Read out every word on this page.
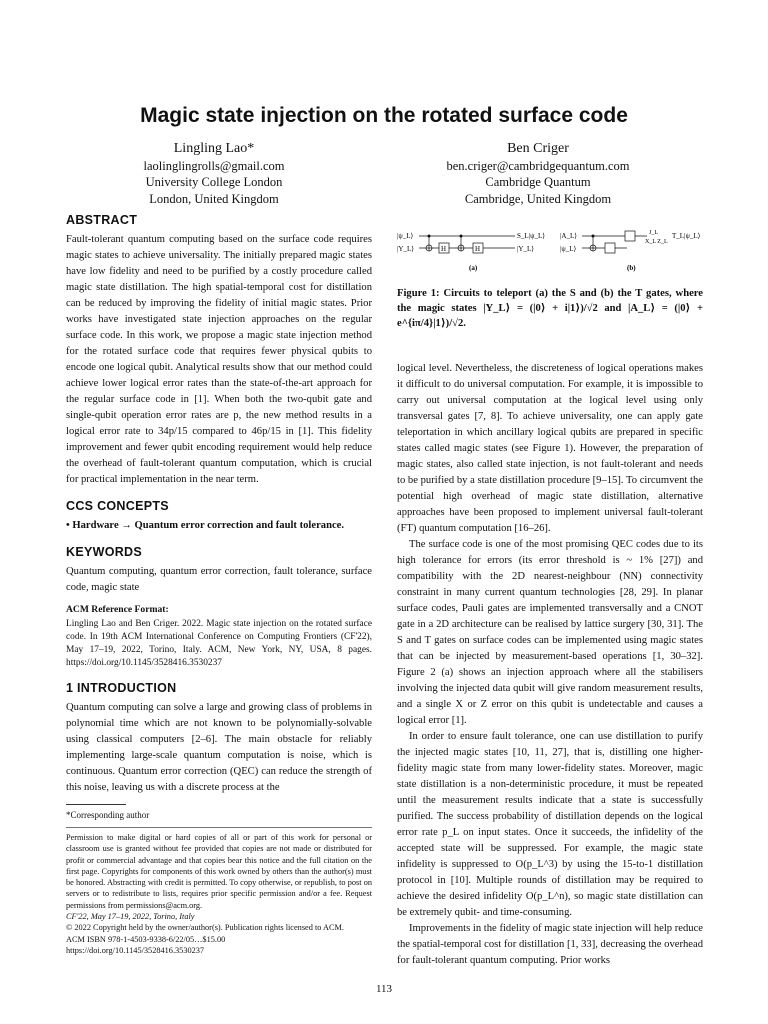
Magic state injection on the rotated surface code
Lingling Lao*
laolinglingrolls@gmail.com
University College London
London, United Kingdom
Ben Criger
ben.criger@cambridgequantum.com
Cambridge Quantum
Cambridge, United Kingdom
ABSTRACT

Fault-tolerant quantum computing based on the surface code requires magic states to achieve universality. The initially prepared magic states have low fidelity and need to be purified by a costly procedure called magic state distillation. The high spatial-temporal cost for distillation can be reduced by improving the fidelity of initial magic states. Prior works have investigated state injection approaches on the regular surface code. In this work, we propose a magic state injection method for the rotated surface code that requires fewer physical qubits to encode one logical qubit. Analytical results show that our method could achieve lower logical error rates than the state-of-the-art approach for the regular surface code in [1]. When both the two-qubit gate and single-qubit operation error rates are p, the new method results in a logical error rate to 34p/15 compared to 46p/15 in [1]. This fidelity improvement and fewer qubit encoding requirement would help reduce the overhead of fault-tolerant quantum computation, which is crucial for practical implementation in the near term.

CCS CONCEPTS

• Hardware → Quantum error correction and fault tolerance.

KEYWORDS

Quantum computing, quantum error correction, fault tolerance, surface code, magic state

ACM Reference Format:

Lingling Lao and Ben Criger. 2022. Magic state injection on the rotated surface code. In 19th ACM International Conference on Computing Frontiers (CF'22), May 17–19, 2022, Torino, Italy. ACM, New York, NY, USA, 8 pages. https://doi.org/10.1145/3528416.3530237

1 INTRODUCTION

Quantum computing can solve a large and growing class of problems in polynomial time which are not known to be polynomially-solvable using classical computers [2–6]. The main obstacle for reliably implementing large-scale quantum computation is noise, which is continuous. Quantum error correction (QEC) can reduce the strength of this noise, leaving us with a discrete process at the

*Corresponding author

Permission to make digital or hard copies of all or part of this work for personal or classroom use is granted without fee provided that copies are not made or distributed for profit or commercial advantage and that copies bear this notice and the full citation on the first page. Copyrights for components of this work owned by others than the author(s) must be honored. Abstracting with credit is permitted. To copy otherwise, or republish, to post on servers or to redistribute to lists, requires prior specific permission and/or a fee. Request permissions from permissions@acm.org.

CF'22, May 17–19, 2022, Torino, Italy

© 2022 Copyright held by the owner/author(s). Publication rights licensed to ACM.

ACM ISBN 978-1-4503-9338-6/22/05…$15.00

https://doi.org/10.1145/3528416.3530237

|ψ_L⟩
|Y_L⟩	H	H
S_L|ψ_L⟩
|Y_L⟩
(a)
|A_L⟩
|ψ_L⟩
J_L
X_L Z_L
T_L|ψ_L⟩
(b)
Figure 1: Circuits to teleport (a) the S and (b) the T gates, where the magic states |Y_L⟩ = (|0⟩ + i|1⟩)/√2 and |A_L⟩ = (|0⟩ + e^{iπ/4}|1⟩)/√2.

logical level. Nevertheless, the discreteness of logical operations makes it difficult to do universal computation. For example, it is impossible to carry out universal computation at the logical level using only transversal gates [7, 8]. To achieve universality, one can apply gate teleportation in which ancillary logical qubits are prepared in specific states called magic states (see Figure 1). However, the preparation of magic states, also called state injection, is not fault-tolerant and needs to be purified by a state distillation procedure [9–15]. To circumvent the potential high overhead of magic state distillation, alternative approaches have been proposed to implement universal fault-tolerant (FT) quantum computation [16–26].

The surface code is one of the most promising QEC codes due to its high tolerance for errors (its error threshold is ~ 1% [27]) and compatibility with the 2D nearest-neighbour (NN) connectivity constraint in many current quantum technologies [28, 29]. In planar surface codes, Pauli gates are implemented transversally and a CNOT gate in a 2D architecture can be realised by lattice surgery [30, 31]. The S and T gates on surface codes can be implemented using magic states that can be injected by measurement-based operations [1, 30–32]. Figure 2 (a) shows an injection approach where all the stabilisers involving the injected data qubit will give random measurement results, and a single X or Z error on this qubit is undetectable and causes a logical error [1].

In order to ensure fault tolerance, one can use distillation to purify the injected magic states [10, 11, 27], that is, distilling one higher-fidelity magic state from many lower-fidelity states. Moreover, magic state distillation is a non-deterministic procedure, it must be repeated until the measurement results indicate that a state is successfully purified. The success probability of distillation depends on the logical error rate p_L on input states. Once it succeeds, the infidelity of the accepted state will be suppressed. For example, the magic state infidelity is suppressed to O(p_L^3) by using the 15-to-1 distillation protocol in [10]. Multiple rounds of distillation may be required to achieve the desired infidelity O(p_L^n), so magic state distillation can be extremely qubit- and time-consuming.

Improvements in the fidelity of magic state injection will help reduce the spatial-temporal cost for distillation [1, 33], decreasing the overhead for fault-tolerant quantum computing. Prior works

113
